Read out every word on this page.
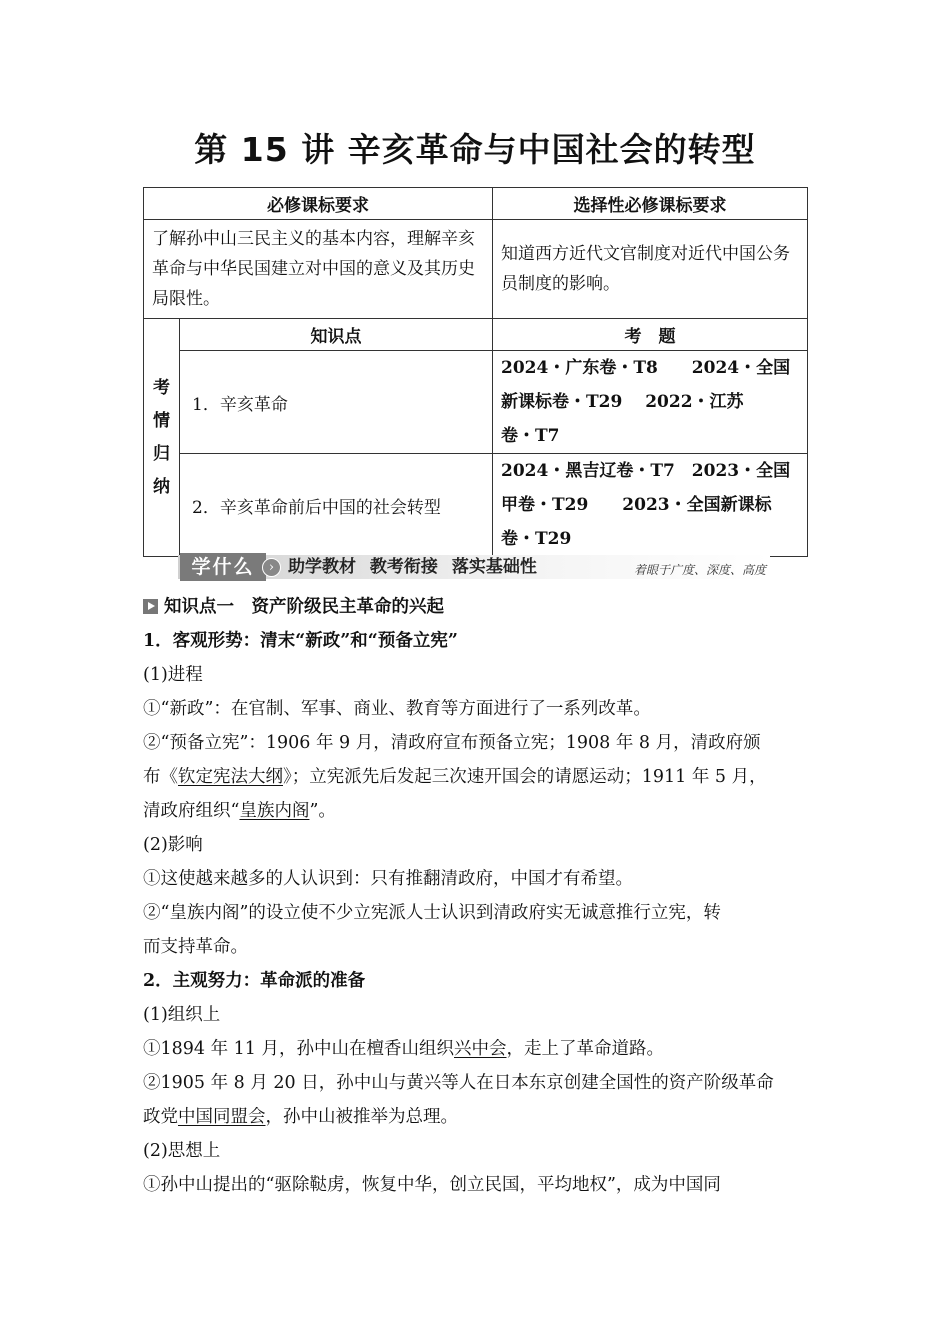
第 15 讲 辛亥革命与中国社会的转型
必修课标要求		选择性必修课标要求
了解孙中山三民主义的基本内容，理解辛亥革命与中华民国建立对中国的意义及其历史局限性。		知道西方近代文官制度对近代中国公务员制度的影响。
考
情
归
纳	知识点	考　题
	1．辛亥革命	2024・广东卷・T8　　2024・全国
新课标卷・T29　 2022・江苏
卷・T7

	2．辛亥革命前后中国的社会转型	2024・黑吉辽卷・T7　2023・全国
甲卷・T29　　2023・全国新课标
卷・T29
学什么	› 助学教材 教考衔接 落实基础性	着眼于广度、深度、高度
知识点一　资产阶级民主革命的兴起
1．客观形势：清末“新政”和“预备立宪”
(1)进程
①“新政”：在官制、军事、商业、教育等方面进行了一系列改革。
②“预备立宪”：1906 年 9 月，清政府宣布预备立宪；1908 年 8 月，清政府颁
布《钦定宪法大纲》；立宪派先后发起三次速开国会的请愿运动；1911 年 5 月，
清政府组织“皇族内阁”。
(2)影响
①这使越来越多的人认识到：只有推翻清政府，中国才有希望。
②“皇族内阁”的设立使不少立宪派人士认识到清政府实无诚意推行立宪，转
而支持革命。
2．主观努力：革命派的准备
(1)组织上
①1894 年 11 月，孙中山在檀香山组织兴中会，走上了革命道路。
②1905 年 8 月 20 日，孙中山与黄兴等人在日本东京创建全国性的资产阶级革命
政党中国同盟会，孙中山被推举为总理。
(2)思想上
①孙中山提出的“驱除鞑虏，恢复中华，创立民国，平均地权”，成为中国同
